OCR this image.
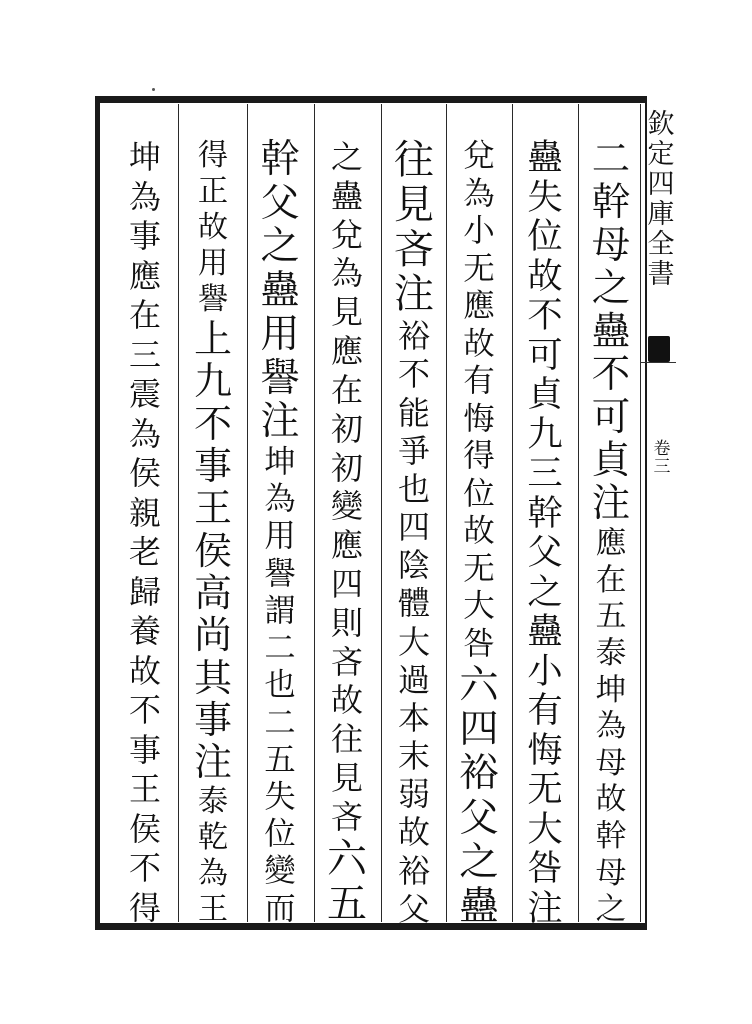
欽
定
四
庫
全
書
卷
三
二
幹
母
之
蠱
不
可
貞
注
應
在
五
泰
坤
為
母
故
幹
母
之
蠱
失
位
故
不
可
貞
九
三
幹
父
之
蠱
小
有
悔
无
大
咎
注
兌
為
小
无
應
故
有
悔
得
位
故
无
大
咎
六
四
裕
父
之
蠱
往
見
吝
注
裕
不
能
爭
也
四
陰
體
大
過
本
末
弱
故
裕
父
之
蠱
兌
為
見
應
在
初
初
變
應
四
則
吝
故
往
見
吝
六
五
幹
父
之
蠱
用
譽
注
坤
為
用
譽
謂
二
也
二
五
失
位
變
而
得
正
故
用
譽
上
九
不
事
王
侯
高
尚
其
事
注
泰
乾
為
王
坤
為
事
應
在
三
震
為
侯
親
老
歸
養
故
不
事
王
侯
不
得
